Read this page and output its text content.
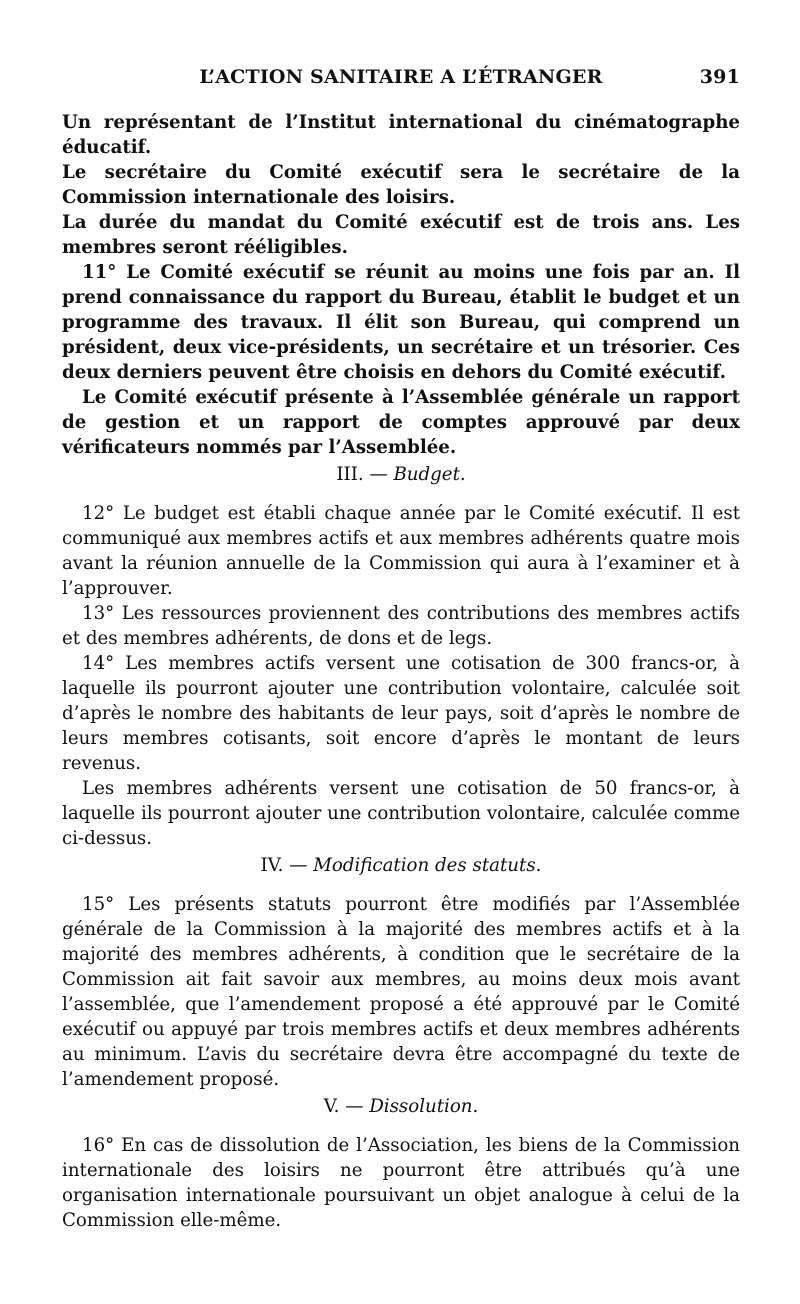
L’ACTION SANITAIRE A L’ÉTRANGER	391

Un représentant de l’Institut international du cinématographe éducatif.

Le secrétaire du Comité exécutif sera le secrétaire de la Commission internationale des loisirs.

La durée du mandat du Comité exécutif est de trois ans. Les membres seront rééligibles.

11° Le Comité exécutif se réunit au moins une fois par an. Il prend connaissance du rapport du Bureau, établit le budget et un programme des travaux. Il élit son Bureau, qui comprend un président, deux vice-présidents, un secrétaire et un trésorier. Ces deux derniers peuvent être choisis en dehors du Comité exécutif.

Le Comité exécutif présente à l’Assemblée générale un rapport de gestion et un rapport de comptes approuvé par deux vérificateurs nommés par l’Assemblée.

III. — Budget.

12° Le budget est établi chaque année par le Comité exécutif. Il est communiqué aux membres actifs et aux membres adhérents quatre mois avant la réunion annuelle de la Commission qui aura à l’examiner et à l’approuver.

13° Les ressources proviennent des contributions des membres actifs et des membres adhérents, de dons et de legs.

14° Les membres actifs versent une cotisation de 300 francs-or, à laquelle ils pourront ajouter une contribution volontaire, calculée soit d’après le nombre des habitants de leur pays, soit d’après le nombre de leurs membres cotisants, soit encore d’après le montant de leurs revenus.

Les membres adhérents versent une cotisation de 50 francs-or, à laquelle ils pourront ajouter une contribution volontaire, calculée comme ci-dessus.

IV. — Modification des statuts.

15° Les présents statuts pourront être modifiés par l’Assemblée générale de la Commission à la majorité des membres actifs et à la majorité des membres adhérents, à condition que le secrétaire de la Commission ait fait savoir aux membres, au moins deux mois avant l’assemblée, que l’amendement proposé a été approuvé par le Comité exécutif ou appuyé par trois membres actifs et deux membres adhérents au minimum. L’avis du secrétaire devra être accompagné du texte de l’amendement proposé.

V. — Dissolution.

16° En cas de dissolution de l’Association, les biens de la Commission internationale des loisirs ne pourront être attribués qu’à une organisation internationale poursuivant un objet analogue à celui de la Commission elle-même.
